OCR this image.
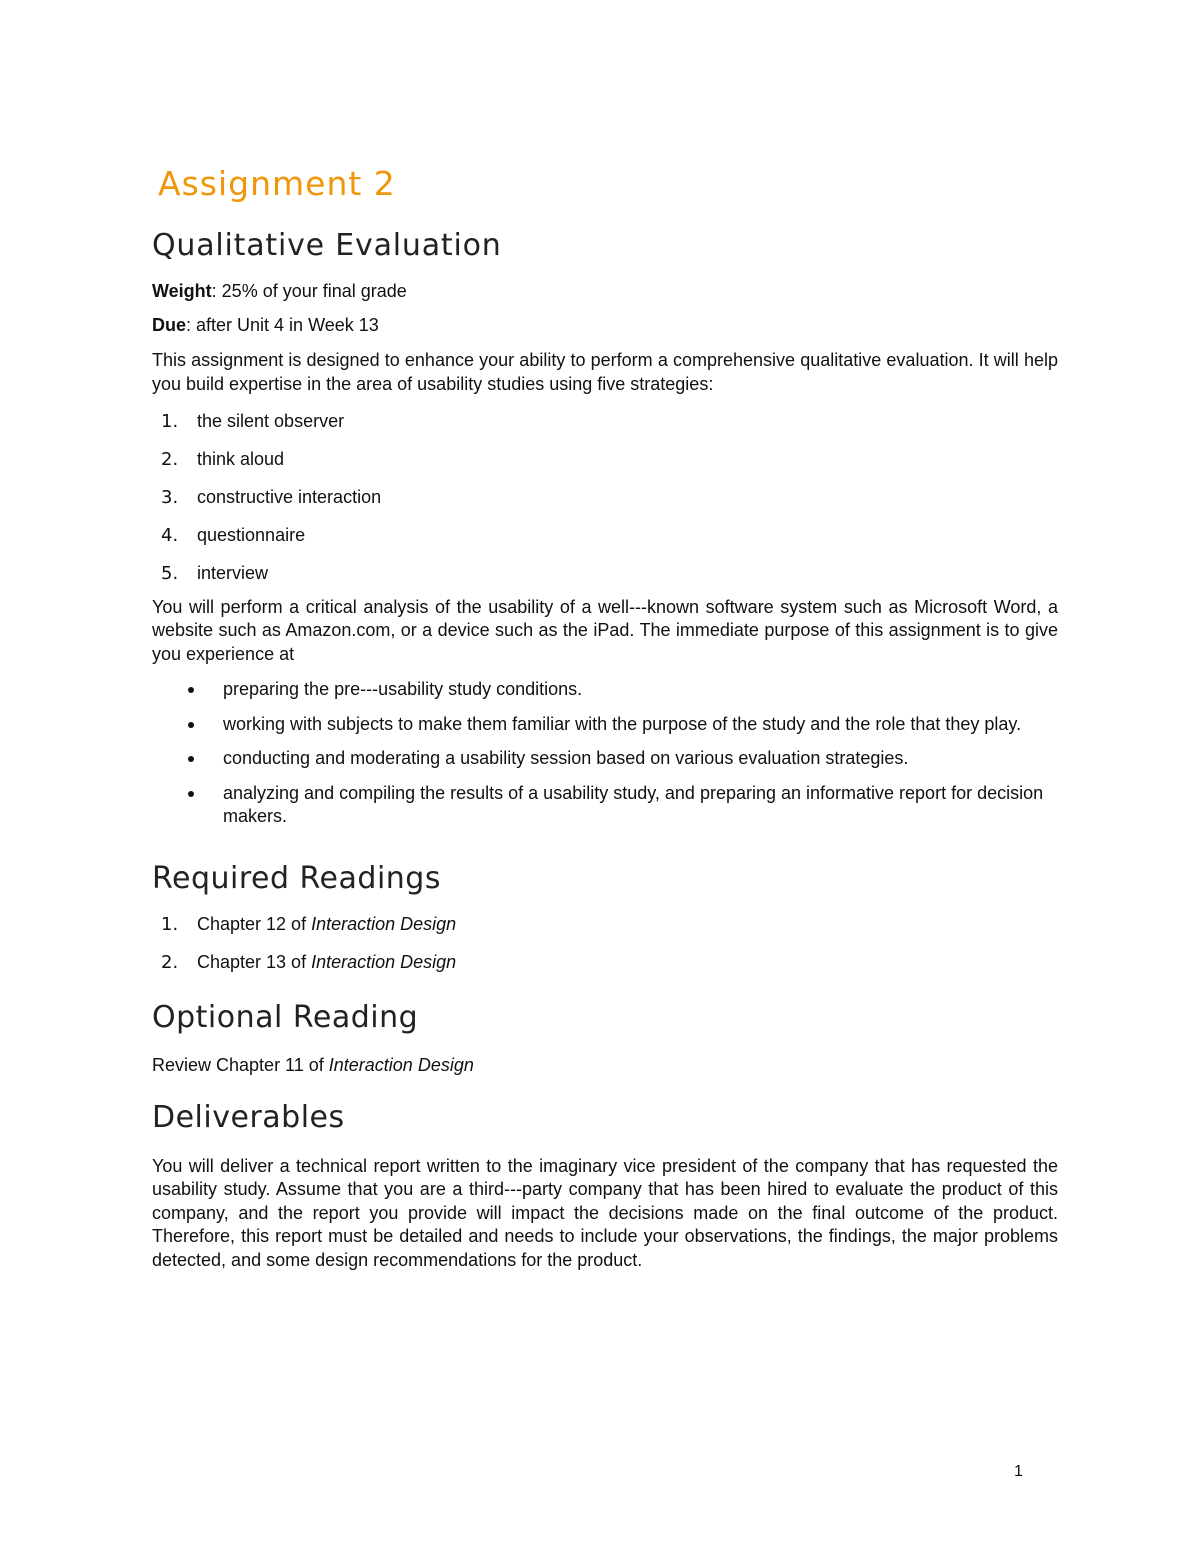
Assignment 2
Qualitative Evaluation

Weight: 25% of your final grade

Due: after Unit 4 in Week 13

This assignment is designed to enhance your ability to perform a comprehensive qualitative evaluation. It will help you build expertise in the area of usability studies using five strategies:

1. the silent observer
2. think aloud
3. constructive interaction
4. questionnaire
5. interview

You will perform a critical analysis of the usability of a well--‐known software system such as Microsoft Word, a website such as Amazon.com, or a device such as the iPad. The immediate purpose of this assignment is to give you experience at

preparing the pre--‐usability study conditions.
working with subjects to make them familiar with the purpose of the study and the role that they play.
conducting and moderating a usability session based on various evaluation strategies.
analyzing and compiling the results of a usability study, and preparing an informative report for decision makers.
Required Readings
1. Chapter 12 of Interaction Design
2. Chapter 13 of Interaction Design
Optional Reading

Review Chapter 11 of Interaction Design

Deliverables

You will deliver a technical report written to the imaginary vice president of the company that has requested the usability study. Assume that you are a third--‐party company that has been hired to evaluate the product of this company, and the report you provide will impact the decisions made on the final outcome of the product. Therefore, this report must be detailed and needs to include your observations, the findings, the major problems detected, and some design recommendations for the product.

1
